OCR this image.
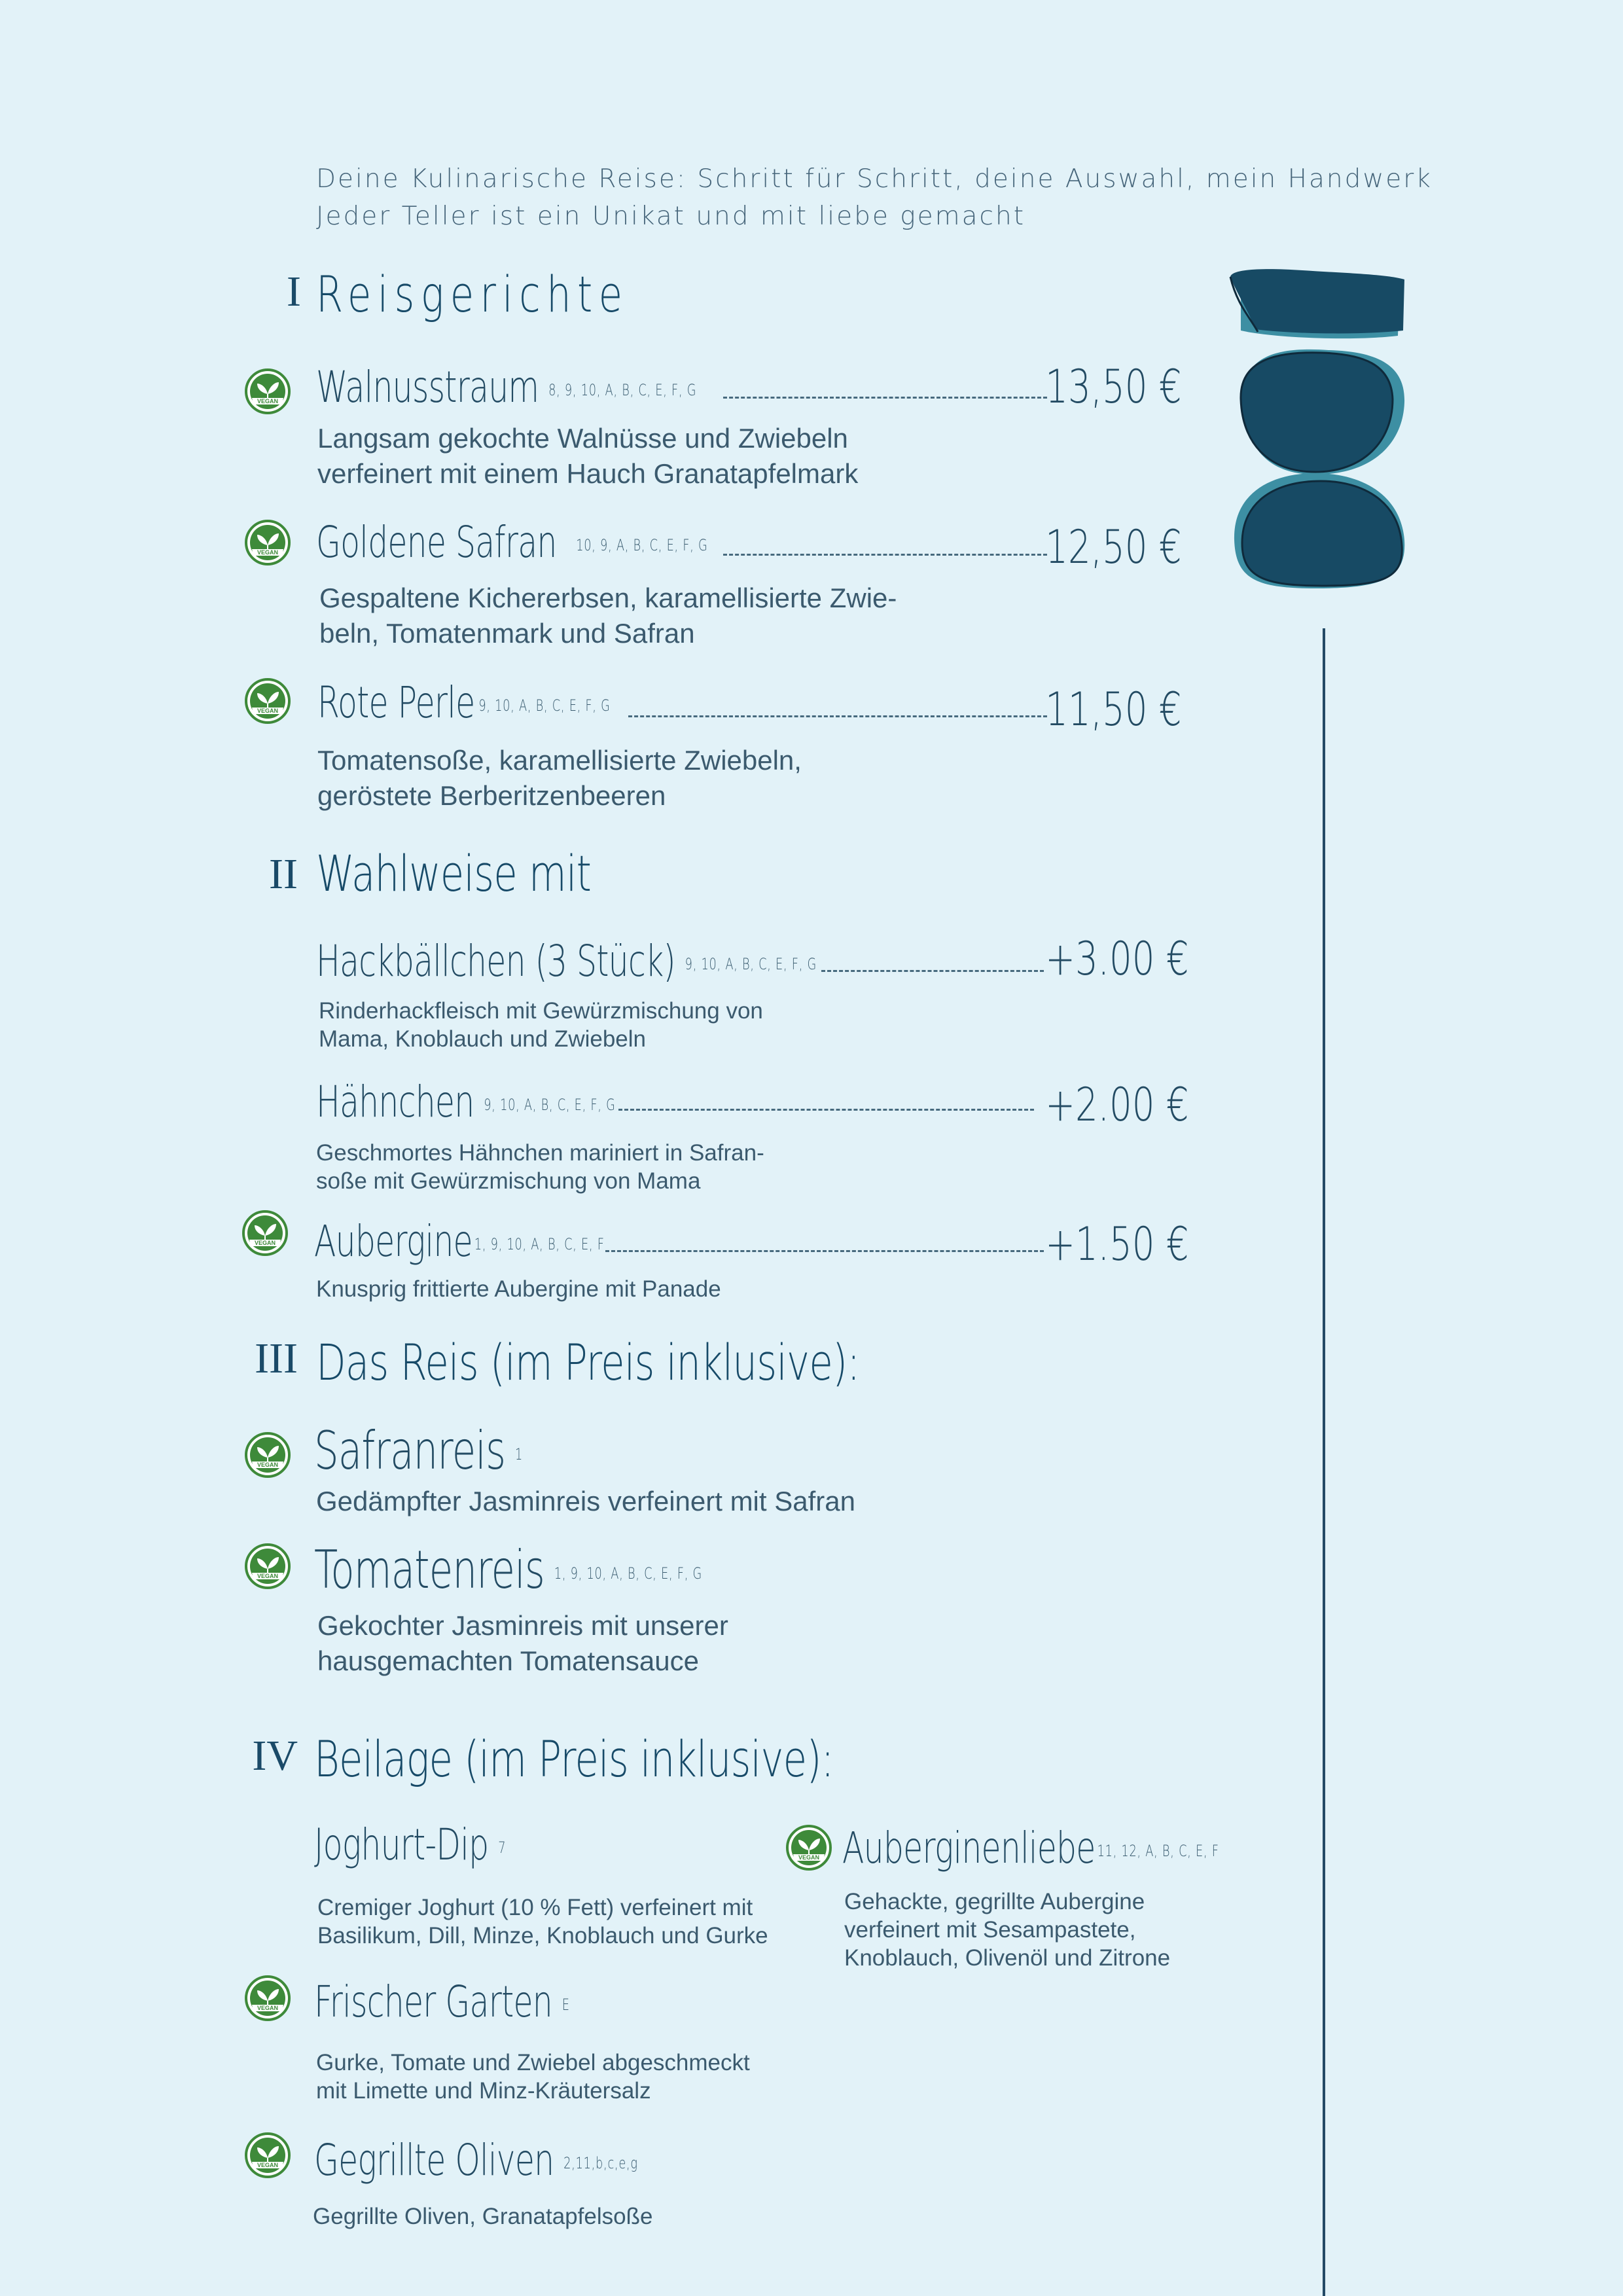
Deine Kulinarische Reise: Schritt für Schritt, deine Auswahl, mein Handwerk
Jeder Teller ist ein Unikat und mit liebe gemacht
I Reisgerichte
VEGAN Walnusstraum 8, 9, 10, A, B, C, E, F, G	13,50 €
Langsam gekochte Walnüsse und Zwiebeln
verfeinert mit einem Hauch Granatapfelmark
VEGAN Goldene Safran 10, 9, A, B, C, E, F, G	12,50 €
Gespaltene Kichererbsen, karamellisierte Zwie-
beln, Tomatenmark und Safran
VEGAN Rote Perle 9, 10, A, B, C, E, F, G	11,50 €
Tomatensoße, karamellisierte Zwiebeln,
geröstete Berberitzenbeeren
II Wahlweise mit
Hackbällchen (3 Stück) 9, 10, A, B, C, E, F, G	+3.00 €
Rinderhackfleisch mit Gewürzmischung von
Mama, Knoblauch und Zwiebeln
Hähnchen 9, 10, A, B, C, E, F, G	+2.00 €
Geschmortes Hähnchen mariniert in Safran-
soße mit Gewürzmischung von Mama
VEGAN Aubergine 1, 9, 10, A, B, C, E, F	+1.50 €
Knusprig frittierte Aubergine mit Panade
III Das Reis (im Preis inklusive):
VEGAN Safranreis 1
Gedämpfter Jasminreis verfeinert mit Safran
VEGAN Tomatenreis 1, 9, 10, A, B, C, E, F, G
Gekochter Jasminreis mit unserer
hausgemachten Tomatensauce
IV Beilage (im Preis inklusive):
Joghurt-Dip 7
Cremiger Joghurt (10 % Fett) verfeinert mit
Basilikum, Dill, Minze, Knoblauch und Gurke
VEGAN Auberginenliebe 11, 12, A, B, C, E, F
Gehackte, gegrillte Aubergine
verfeinert mit Sesampastete,
Knoblauch, Olivenöl und Zitrone
VEGAN Frischer Garten E
Gurke, Tomate und Zwiebel abgeschmeckt
mit Limette und Minz-Kräutersalz
VEGAN Gegrillte Oliven 2,11,b,c,e,g
Gegrillte Oliven, Granatapfelsoße
